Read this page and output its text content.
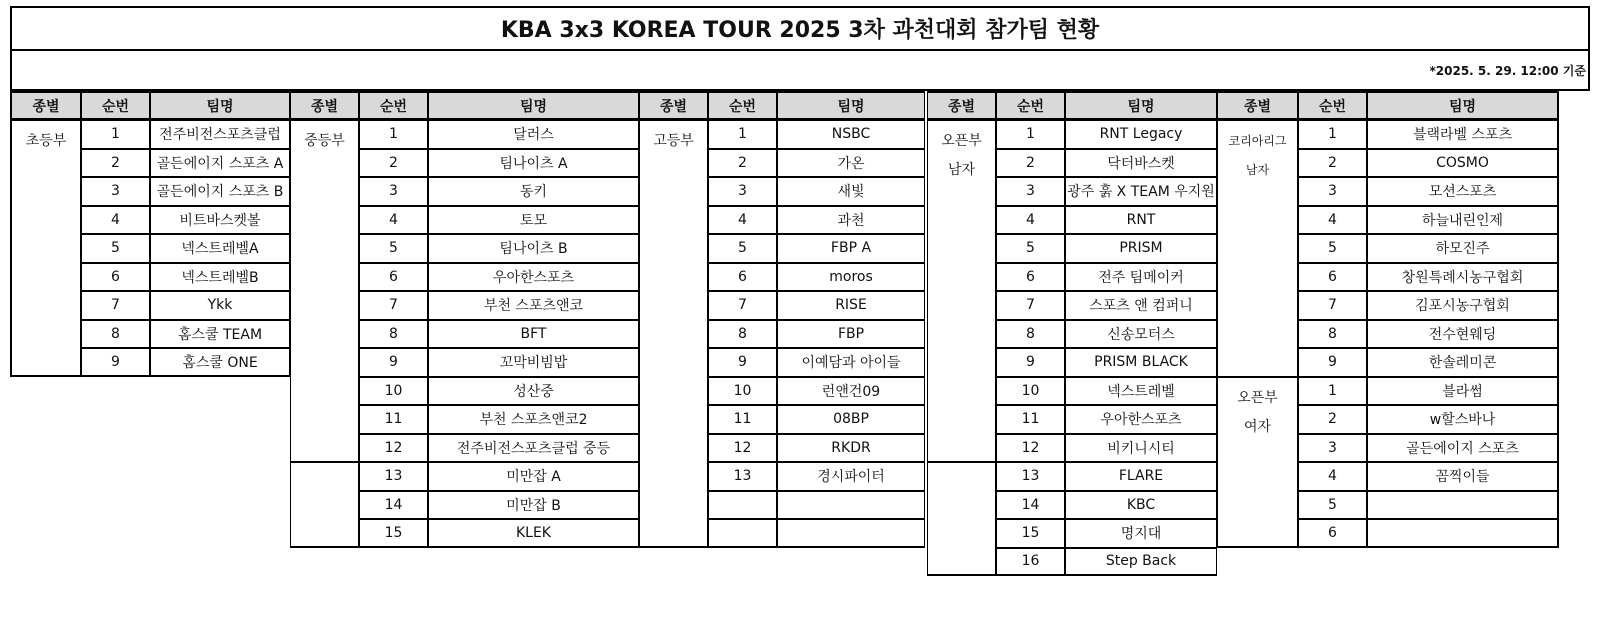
KBA 3x3 KOREA TOUR 2025 3차 과천대회 참가팀 현황
*2025. 5. 29. 12:00 기준
종별	순번	팀명
초등부	1	전주비전스포츠클럽
2	골든에이지 스포츠 A
3	골든에이지 스포츠 B
4	비트바스켓볼
5	넥스트레벨A
6	넥스트레벨B
7	Ykk
8	홈스쿨 TEAM
9	홈스쿨 ONE
종별	순번	팀명
중등부	1	달러스
2	팀나이츠 A
3	동키
4	토모
5	팀나이츠 B
6	우아한스포츠
7	부천 스포츠앤코
8	BFT
9	꼬막비빔밥
10	성산중
11	부천 스포츠앤코2
12	전주비전스포츠클럽 중등
13	미만잡 A
14	미만잡 B
15	KLEK
종별	순번	팀명
고등부	1	NSBC
2	가온
3	새빛
4	과천
5	FBP A
6	moros
7	RISE
8	FBP
9	이예담과 아이들
10	런앤건09
11	08BP
12	RKDR
13	경시파이터
종별	순번	팀명
오픈부
남자
1	RNT Legacy
2	닥터바스켓
3	광주 훍 X TEAM 우지원
4	RNT
5	PRISM
6	전주 팀메이커
7	스포츠 앤 컴퍼니
8	신송모터스
9	PRISM BLACK
10	넥스트레벨
11	우아한스포츠
12	비키니시티
13	FLARE
14	KBC
15	명지대
16	Step Back
종별	순번	팀명
코리아리그
남자
1	블랙라벨 스포츠
2	COSMO
3	모션스포츠
4	하늘내린인제
5	하모진주
6	창원특례시농구협회
7	김포시농구협회
8	전수현웨딩
9	한솔레미콘
오픈부
여자
1	블라썸
2	w할스바나
3	골든에이지 스포츠
4	꼼찍이들
5
6
